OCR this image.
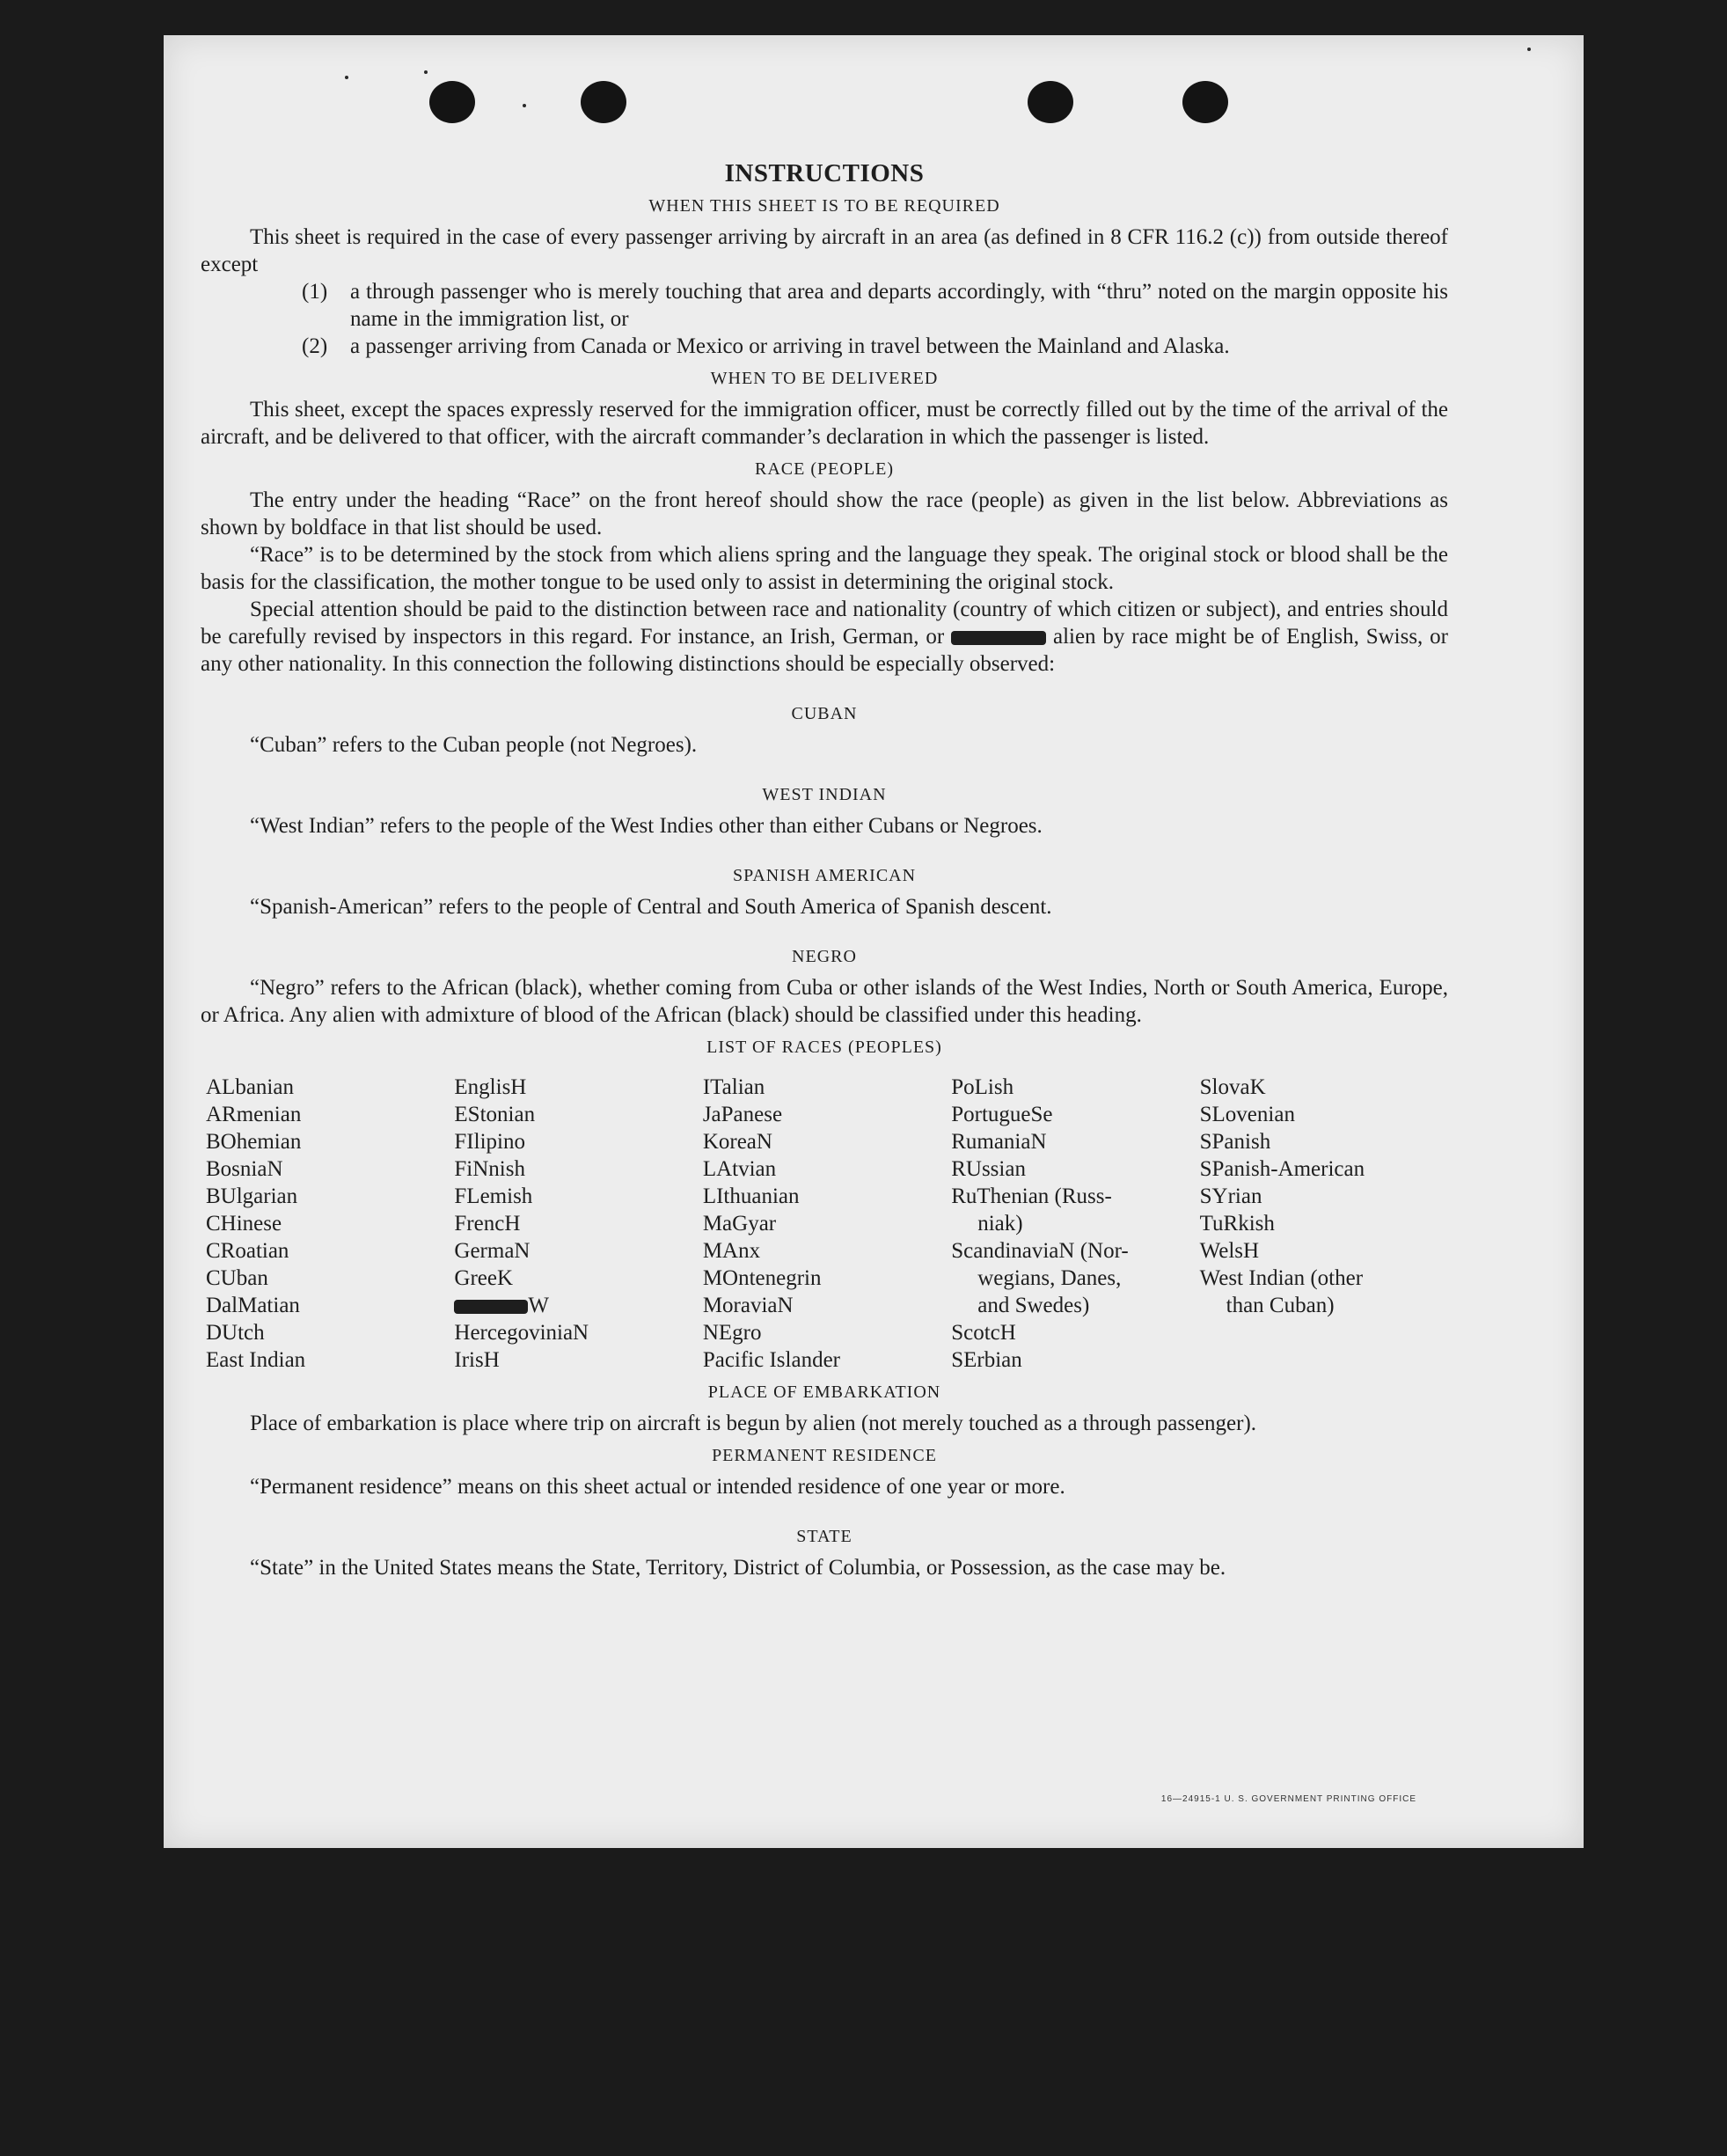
INSTRUCTIONS
WHEN THIS SHEET IS TO BE REQUIRED

This sheet is required in the case of every passenger arriving by aircraft in an area (as defined in 8 CFR 116.2 (c)) from outside thereof except

(1)	a through passenger who is merely touching that area and departs accordingly, with “thru” noted on the margin opposite his name in the immigration list, or
(2)	a passenger arriving from Canada or Mexico or arriving in travel between the Mainland and Alaska.
WHEN TO BE DELIVERED

This sheet, except the spaces expressly reserved for the immigration officer, must be correctly filled out by the time of the arrival of the aircraft, and be delivered to that officer, with the aircraft commander’s declaration in which the passenger is listed.

RACE (PEOPLE)

The entry under the heading “Race” on the front hereof should show the race (people) as given in the list below. Abbreviations as shown by boldface in that list should be used.

“Race” is to be determined by the stock from which aliens spring and the language they speak. The original stock or blood shall be the basis for the classification, the mother tongue to be used only to assist in determining the original stock.

Special attention should be paid to the distinction between race and nationality (country of which citizen or subject), and entries should be carefully revised by inspectors in this regard. For instance, an Irish, German, or	alien by race might be of English, Swiss, or any other nationality. In this connection the following distinctions should be especially observed:

CUBAN

“Cuban” refers to the Cuban people (not Negroes).

WEST INDIAN

“West Indian” refers to the people of the West Indies other than either Cubans or Negroes.

SPANISH AMERICAN

“Spanish-American” refers to the people of Central and South America of Spanish descent.

NEGRO

“Negro” refers to the African (black), whether coming from Cuba or other islands of the West Indies, North or South America, Europe, or Africa. Any alien with admixture of blood of the African (black) should be classified under this heading.

LIST OF RACES (PEOPLES)
ALbanian
ARmenian
BOhemian
BosniaN
BUlgarian
CHinese
CRoatian
CUban
DalMatian
DUtch
East Indian
EnglisH
EStonian
FIlipino
FiNnish
FLemish
FrencH
GermaN
GreeK
W
HercegoviniaN
IrisH
ITalian
JaPanese
KoreaN
LAtvian
LIthuanian
MaGyar
MAnx
MOntenegrin
MoraviaN
NEgro
Pacific Islander
PoLish
PortugueSe
RumaniaN
RUssian
RuThenian (Russ-
niak)
ScandinaviaN (Nor-
wegians, Danes,
and Swedes)
ScotcH
SErbian
SlovaK
SLovenian
SPanish
SPanish-American
SYrian
TuRkish
WelsH
West Indian (other
than Cuban)
PLACE OF EMBARKATION

Place of embarkation is place where trip on aircraft is begun by alien (not merely touched as a through passenger).

PERMANENT RESIDENCE

“Permanent residence” means on this sheet actual or intended residence of one year or more.

STATE

“State” in the United States means the State, Territory, District of Columbia, or Possession, as the case may be.

16—24915-1 U. S. GOVERNMENT PRINTING OFFICE
